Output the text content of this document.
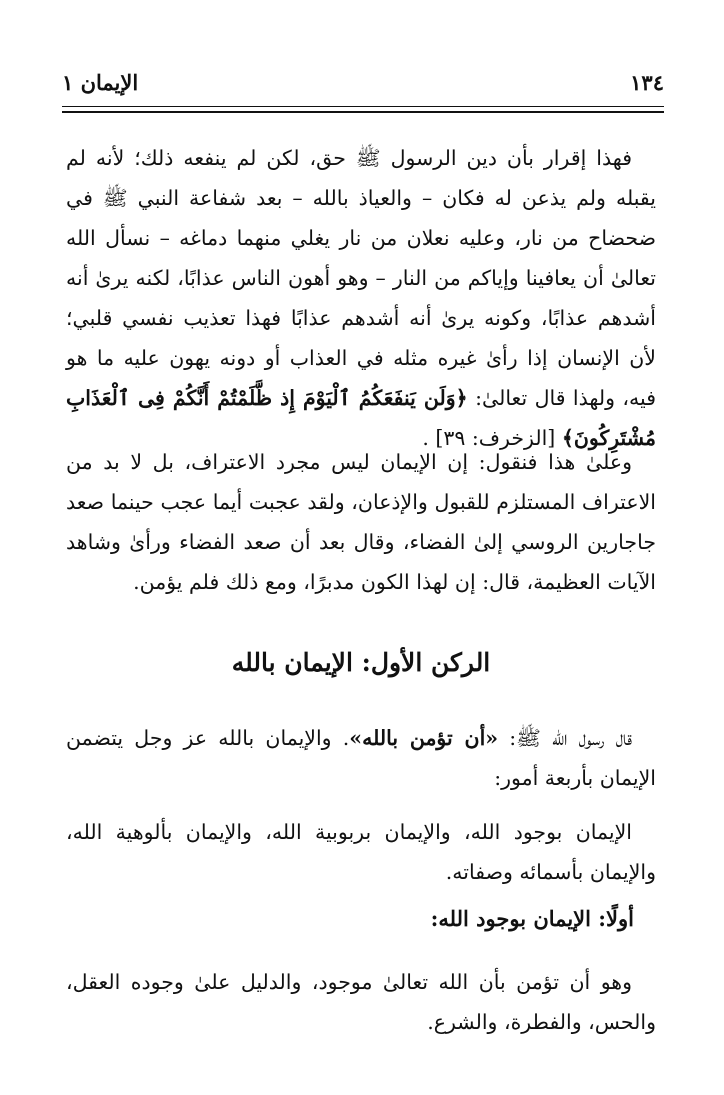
١٣٤
الإيمان ١

فهذا إقرار بأن دين الرسول ﷺ حق، لكن لم ينفعه ذلك؛ لأنه لم يقبله ولم يذعن له فكان – والعياذ بالله – بعد شفاعة النبي ﷺ في ضحضاح من نار، وعليه نعلان من نار يغلي منهما دماغه – نسأل الله تعالىٰ أن يعافينا وإياكم من النار – وهو أهون الناس عذابًا، لكنه يرىٰ أنه أشدهم عذابًا، وكونه يرىٰ أنه أشدهم عذابًا فهذا تعذيب نفسي قلبي؛ لأن الإنسان إذا رأىٰ غيره مثله في العذاب أو دونه يهون عليه ما هو فيه، ولهذا قال تعالىٰ: ﴿وَلَن يَنفَعَكُمُ ٱلْيَوْمَ إِذ ظَّلَمْتُمْ أَنَّكُمْ فِى ٱلْعَذَابِ مُشْتَرِكُونَ﴾ [الزخرف: ٣٩] .

وعلىٰ هذا فنقول: إن الإيمان ليس مجرد الاعتراف، بل لا بد من الاعتراف المستلزم للقبول والإذعان، ولقد عجبت أيما عجب حينما صعد جاجارين الروسي إلىٰ الفضاء، وقال بعد أن صعد الفضاء ورأىٰ وشاهد الآيات العظيمة، قال: إن لهذا الكون مدبرًا، ومع ذلك فلم يؤمن.

الركن الأول: الإيمان بالله

قال رسول الله ﷺ: «أن تؤمن بالله». والإيمان بالله عز وجل يتضمن الإيمان بأربعة أمور:

الإيمان بوجود الله، والإيمان بربوبية الله، والإيمان بألوهية الله، والإيمان بأسمائه وصفاته.

أولًا: الإيمان بوجود الله:

وهو أن تؤمن بأن الله تعالىٰ موجود، والدليل علىٰ وجوده العقل، والحس، والفطرة، والشرع.
